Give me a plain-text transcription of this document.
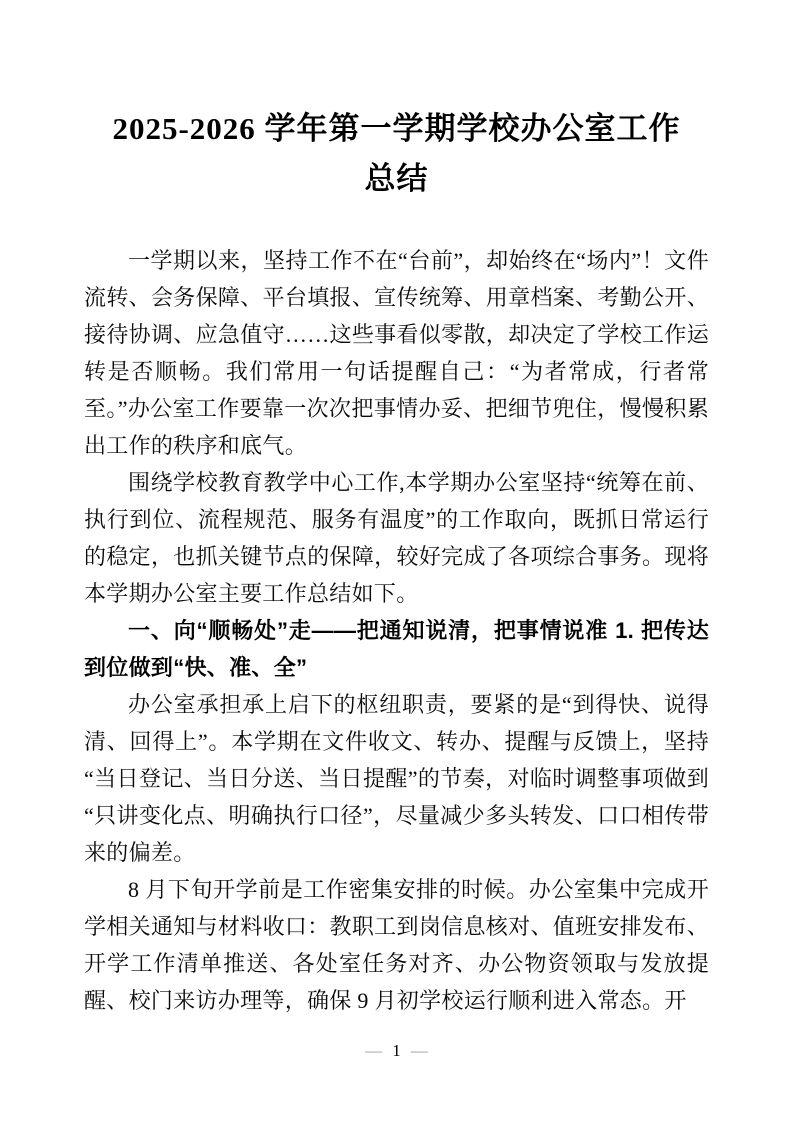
2025-2026 学年第一学期学校办公室工作总结

一学期以来，坚持工作不在“台前”，却始终在“场内”！文件流转、会务保障、平台填报、宣传统筹、用章档案、考勤公开、接待协调、应急值守……这些事看似零散，却决定了学校工作运转是否顺畅。我们常用一句话提醒自己：“为者常成，行者常至。”办公室工作要靠一次次把事情办妥、把细节兜住，慢慢积累出工作的秩序和底气。

围绕学校教育教学中心工作,本学期办公室坚持“统筹在前、执行到位、流程规范、服务有温度”的工作取向，既抓日常运行的稳定，也抓关键节点的保障，较好完成了各项综合事务。现将本学期办公室主要工作总结如下。

一、向“顺畅处”走——把通知说清，把事情说准 1. 把传达到位做到“快、准、全”

办公室承担承上启下的枢纽职责，要紧的是“到得快、说得清、回得上”。本学期在文件收文、转办、提醒与反馈上，坚持“当日登记、当日分送、当日提醒”的节奏，对临时调整事项做到“只讲变化点、明确执行口径”，尽量减少多头转发、口口相传带来的偏差。

8 月下旬开学前是工作密集安排的时候。办公室集中完成开学相关通知与材料收口：教职工到岗信息核对、值班安排发布、开学工作清单推送、各处室任务对齐、办公物资领取与发放提醒、校门来访办理等，确保 9 月初学校运行顺利进入常态。开

— 1 —
